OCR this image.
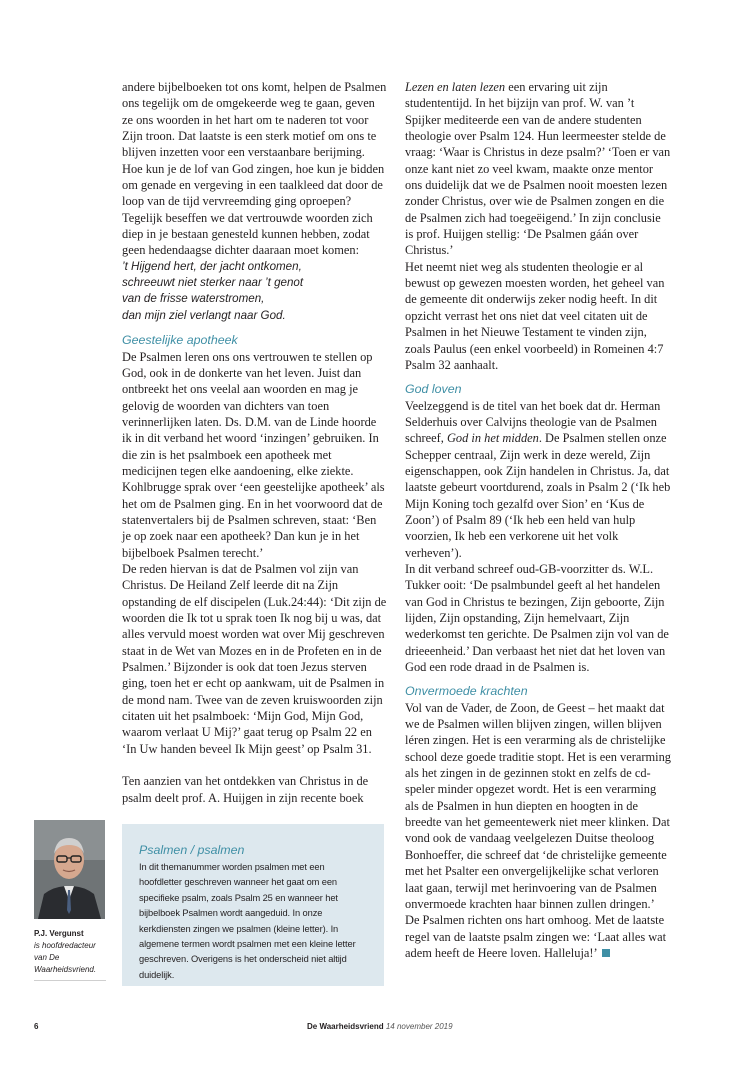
andere bijbelboeken tot ons komt, helpen de Psalmen ons tegelijk om de omgekeerde weg te gaan, geven ze ons woorden in het hart om te naderen tot voor Zijn troon. Dat laatste is een sterk motief om ons te blijven inzetten voor een verstaanbare berijming. Hoe kun je de lof van God zingen, hoe kun je bidden om genade en vergeving in een taalkleed dat door de loop van de tijd vervreemding ging oproepen?

Tegelijk beseffen we dat vertrouwde woorden zich diep in je bestaan genesteld kunnen hebben, zodat geen hedendaagse dichter daaraan moet komen:

’t Hijgend hert, der jacht ontkomen,
schreeuwt niet sterker naar ’t genot
van de frisse waterstromen,
dan mijn ziel verlangt naar God.
Geestelijke apotheek

De Psalmen leren ons ons vertrouwen te stellen op God, ook in de donkerte van het leven. Juist dan ontbreekt het ons veelal aan woorden en mag je gelovig de woorden van dichters van toen verinnerlijken laten. Ds. D.M. van de Linde hoorde ik in dit verband het woord ‘inzingen’ gebruiken. In die zin is het psalmboek een apotheek met medicijnen tegen elke aandoening, elke ziekte. Kohlbrugge sprak over ‘een geestelijke apotheek’ als het om de Psalmen ging. En in het voorwoord dat de statenvertalers bij de Psalmen schreven, staat: ‘Ben je op zoek naar een apotheek? Dan kun je in het bijbelboek Psalmen terecht.’

De reden hiervan is dat de Psalmen vol zijn van Christus. De Heiland Zelf leerde dit na Zijn opstanding de elf discipelen (Luk.24:44): ‘Dit zijn de woorden die Ik tot u sprak toen Ik nog bij u was, dat alles vervuld moest worden wat over Mij geschreven staat in de Wet van Mozes en in de Profeten en in de Psalmen.’ Bijzonder is ook dat toen Jezus sterven ging, toen het er echt op aankwam, uit de Psalmen in de mond nam. Twee van de zeven kruiswoorden zijn citaten uit het psalmboek: ‘Mijn God, Mijn God, waarom verlaat U Mij?’ gaat terug op Psalm 22 en ‘In Uw handen beveel Ik Mijn geest’ op Psalm 31.

Ten aanzien van het ontdekken van Christus in de psalm deelt prof. A. Huijgen in zijn recente boek

Lezen en laten lezen een ervaring uit zijn studententijd. In het bijzijn van prof. W. van ’t Spijker mediteerde een van de andere studenten theologie over Psalm 124. Hun leermeester stelde de vraag: ‘Waar is Christus in deze psalm?’ ‘Toen er van onze kant niet zo veel kwam, maakte onze mentor ons duidelijk dat we de Psalmen nooit moesten lezen zonder Christus, over wie de Psalmen zongen en die de Psalmen zich had toegeëigend.’ In zijn conclusie is prof. Huijgen stellig: ‘De Psalmen gáán over Christus.’

Het neemt niet weg als studenten theologie er al bewust op gewezen moesten worden, het geheel van de gemeente dit onderwijs zeker nodig heeft. In dit opzicht verrast het ons niet dat veel citaten uit de Psalmen in het Nieuwe Testament te vinden zijn, zoals Paulus (een enkel voorbeeld) in Romeinen 4:7 Psalm 32 aanhaalt.

God loven

Veelzeggend is de titel van het boek dat dr. Herman Selderhuis over Calvijns theologie van de Psalmen schreef, God in het midden. De Psalmen stellen onze Schepper centraal, Zijn werk in deze wereld, Zijn eigenschappen, ook Zijn handelen in Christus. Ja, dat laatste gebeurt voortdurend, zoals in Psalm 2 (‘Ik heb Mijn Koning toch gezalfd over Sion’ en ‘Kus de Zoon’) of Psalm 89 (‘Ik heb een held van hulp voorzien, Ik heb een verkorene uit het volk verheven’).

In dit verband schreef oud-GB-voorzitter ds. W.L. Tukker ooit: ‘De psalmbundel geeft al het handelen van God in Christus te bezingen, Zijn geboorte, Zijn lijden, Zijn opstanding, Zijn hemelvaart, Zijn wederkomst ten gerichte. De Psalmen zijn vol van de drieeenheid.’ Dan verbaast het niet dat het loven van God een rode draad in de Psalmen is.

Onvermoede krachten

Vol van de Vader, de Zoon, de Geest – het maakt dat we de Psalmen willen blijven zingen, willen blijven léren zingen. Het is een verarming als de christelijke school deze goede traditie stopt. Het is een verarming als het zingen in de gezinnen stokt en zelfs de cd-speler minder opgezet wordt. Het is een verarming als de Psalmen in hun diepten en hoogten in de breedte van het gemeentewerk niet meer klinken. Dat vond ook de vandaag veelgelezen Duitse theoloog Bonhoeffer, die schreef dat ‘de christelijke gemeente met het Psalter een onvergelijkelijke schat verloren laat gaan, terwijl met herinvoering van de Psalmen onvermoede krachten haar binnen zullen dringen.’

De Psalmen richten ons hart omhoog. Met de laatste regel van de laatste psalm zingen we: ‘Laat alles wat adem heeft de Heere loven. Halleluja!’

P.J. Vergunst
is hoofdredacteur van De Waarheidsvriend.
Psalmen / psalmen

In dit themanummer worden psalmen met een hoofdletter geschreven wanneer het gaat om een specifieke psalm, zoals Psalm 25 en wanneer het bijbelboek Psalmen wordt aangeduid. In onze kerkdiensten zingen we psalmen (kleine letter). In algemene termen wordt psalmen met een kleine letter geschreven. Overigens is het onderscheid niet altijd duidelijk.

6	De Waarheidsvriend 14 november 2019
